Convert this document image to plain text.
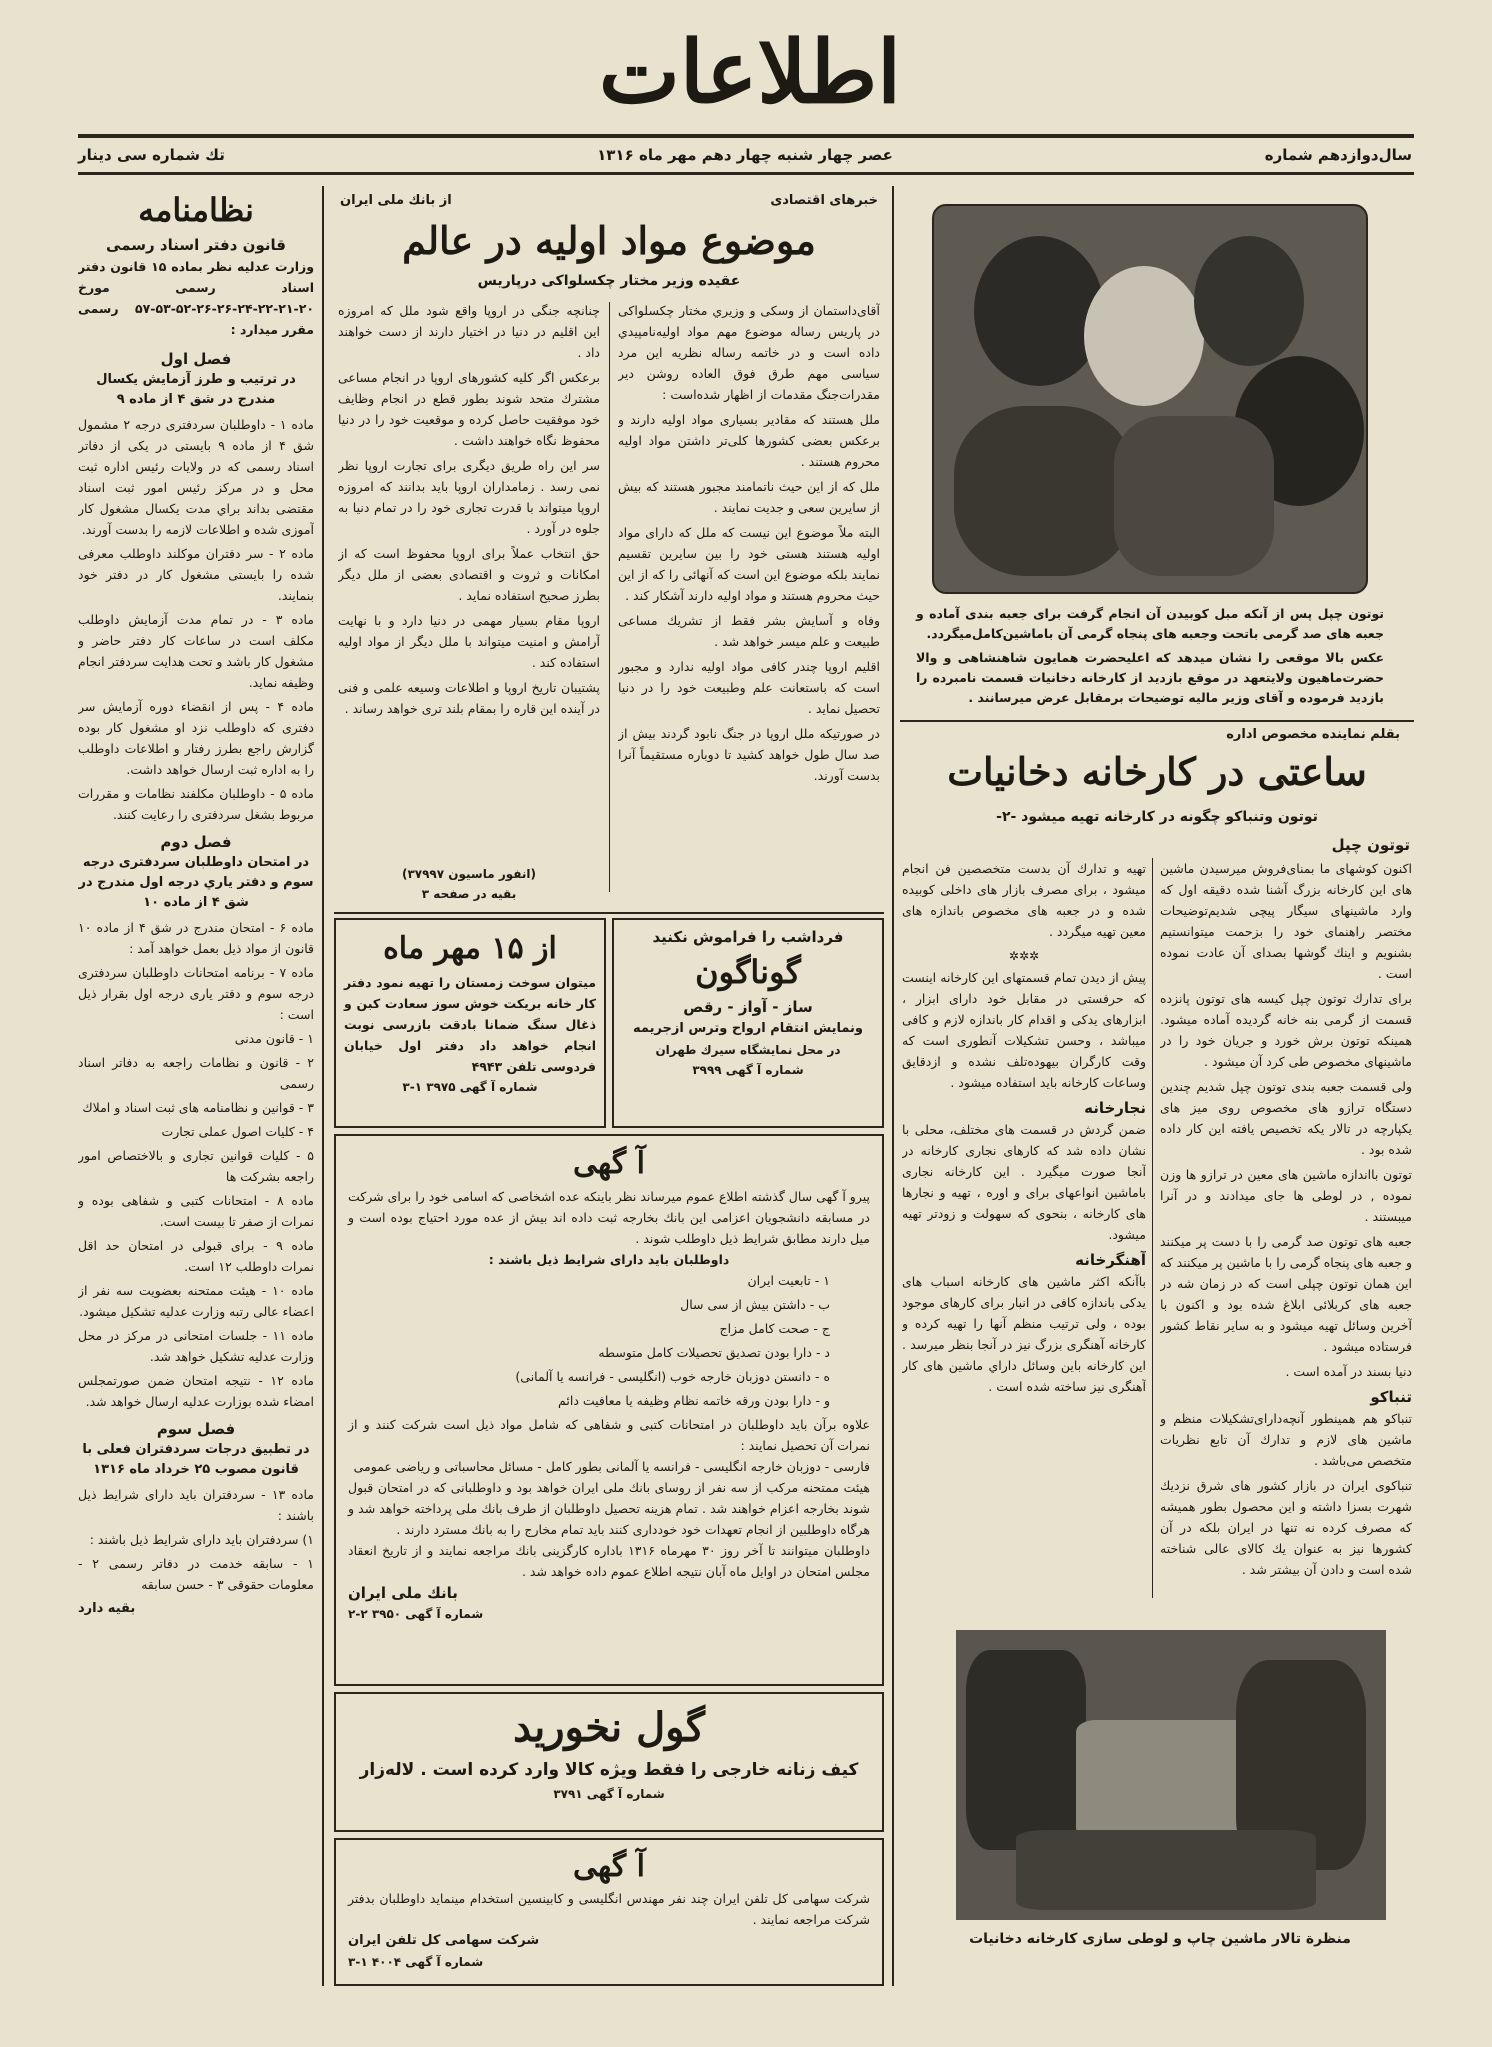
اطلاعات
سال‌دوازدهم شماره
عصر چهار شنبه چهار دهم مهر ماه ۱۳۱۶
تك شماره سی دينار
نظامنامه
قانون دفتر اسناد رسمی
وزارت عدليه نظر بماده ۱۵ قانون دفتر اسناد رسمی مورخ ۲۰-۲۱-۲۲-۲۴-۲۶-۲۶-۵۲-۵۳-۵۷ رسمی مقرر ميدارد :
فصل اول
در ترتيب و طرز آزمايش يكسال مندرج در شق ۴ از ماده ۹

ماده ۱ - داوطلبان سردفتری درجه ۲ مشمول شق ۴ از ماده ۹ بايستی در يكی از دفاتر اسناد رسمی كه در ولايات رئيس اداره ثبت محل و در مركز رئيس امور ثبت اسناد مقتضی بداند براي مدت يكسال مشغول كار آموزی شده و اطلاعات لازمه را بدست آورند.

ماده ۲ - سر دفتران موكلند داوطلب معرفی شده را بايستی مشغول كار در دفتر خود بنمايند.

ماده ۳ - در تمام مدت آزمايش داوطلب مكلف است در ساعات كار دفتر حاضر و مشغول كار باشد و تحت هدايت سردفتر انجام وظيفه نمايد.

ماده ۴ - پس از انقضاء دوره آزمايش سر دفتری كه داوطلب نزد او مشغول كار بوده گزارش راجع بطرز رفتار و اطلاعات داوطلب را به اداره ثبت ارسال خواهد داشت.

ماده ۵ - داوطلبان مكلفند نظامات و مقررات مربوط بشغل سردفتری را رعايت كنند.

فصل دوم
در امتحان داوطلبان سردفتری درجه سوم و دفتر ياري درجه اول مندرج در شق ۴ از ماده ۱۰

ماده ۶ - امتحان مندرج در شق ۴ از ماده ۱۰ قانون از مواد ذيل بعمل خواهد آمد :

ماده ۷ - برنامه امتحانات داوطلبان سردفتری درجه سوم و دفتر ياری درجه اول بقرار ذيل است :

۱ - قانون مدنی

۲ - قانون و نظامات راجعه به دفاتر اسناد رسمی

۳ - قوانين و نظامنامه های ثبت اسناد و املاك

۴ - كليات اصول عملی تجارت

۵ - كليات قوانين تجاری و بالاختصاص امور راجعه بشركت ها

ماده ۸ - امتحانات كتبی و شفاهی بوده و نمرات از صفر تا بيست است.

ماده ۹ - برای قبولی در امتحان حد اقل نمرات داوطلب ۱۲ است.

ماده ۱۰ - هيئت ممتحنه بعضويت سه نفر از اعضاء عالی رتبه وزارت عدليه تشكيل ميشود.

ماده ۱۱ - جلسات امتحانی در مركز در محل وزارت عدليه تشكيل خواهد شد.

ماده ۱۲ - نتيجه امتحان ضمن صورتمجلس امضاء شده بوزارت عدليه ارسال خواهد شد.

فصل سوم
در تطبيق درجات سردفتران فعلی با قانون مصوب ۲۵ خرداد ماه ۱۳۱۶

ماده ۱۳ - سردفتران بايد دارای شرايط ذيل باشند :

۱) سردفتران بايد دارای شرايط ذيل باشند :

۱ - سابقه خدمت در دفاتر رسمی ۲ - معلومات حقوقی ۳ - حسن سابقه

بقيه دارد
خبرهای اقتصادی
از بانك ملی ايران
موضوع مواد اوليه در عالم
عقيده وزير مختار چكسلواكی درپاريس

آقای‌داستمان از وسكی و وزيري مختار چكسلواكی در پاريس رساله موضوع مهم مواد اوليه‌نامپيدي داده است و در خاتمه رساله نظريه اين مرد سياسی مهم طرق فوق العاده روشن دير مقدرات‌جنگ مقدمات از اظهار شده‌است :

ملل هستند كه مقادير بسياری مواد اوليه دارند و برعكس بعضی كشورها كلی‌تر داشتن مواد اوليه محروم هستند .

ملل كه از اين حيث ناتمامند مجبور هستند كه بيش از سايرين سعی و جديت نمايند .

البته ملاً موضوع اين نيست كه ملل كه دارای مواد اوليه هستند هستی خود را بين سايرين تقسيم نمايند بلكه موضوع اين است كه آنهائی را كه از اين حيث محروم هستند و مواد اوليه دارند آشكار كند .

وفاه و آسايش بشر فقط از تشريك مساعی طبيعت و علم ميسر خواهد شد .

اقليم اروپا چندر كافی مواد اوليه ندارد و مجبور است كه باستعانت علم وطبيعت خود را در دنيا تحصيل نمايد .

در صورتيكه ملل اروپا در جنگ نابود گردند بيش از صد سال طول خواهد كشيد تا دوباره مستقيماً آنرا بدست آورند.

چنانچه جنگی در اروپا واقع شود ملل كه امروزه اين اقليم در دنيا در اختيار دارند از دست خواهند داد .

برعكس اگر كليه كشورهای اروپا در انجام مساعی مشترك متحد شوند بطور قطع در انجام وظايف خود موفقيت حاصل كرده و موقعيت خود را در دنيا محفوظ نگاه خواهند داشت .

سر اين راه طريق ديگری برای تجارت اروپا نظر نمی رسد . زمامداران اروپا بايد بدانند كه امروزه اروپا ميتواند با قدرت تجاری خود را در تمام دنيا به جلوه در آورد .

حق انتخاب عملاً برای اروپا محفوظ است كه از امكانات و ثروت و اقتصادی بعضی از ملل ديگر بطرز صحيح استفاده نمايد .

اروپا مقام بسيار مهمی در دنيا دارد و با نهايت آرامش و امنيت ميتواند با ملل ديگر از مواد اوليه استفاده كند .

پشتيبان تاريخ اروپا و اطلاعات وسيعه علمی و فنی در آينده اين قاره را بمقام بلند تری خواهد رساند .

(انفور ماسيون ۳۷۹۹۷)
بقيه در صفحه ۳
از ۱۵ مهر ماه
ميتوان سوخت زمستان را تهيه نمود دفتر كار خانه بريكت خوش سوز سعادت كبن و ذغال سنگ ضمانا بادقت بازرسی نوبت انجام خواهد داد دفتر اول خيابان فردوسی تلفن ۴۹۴۳
شماره آ گهی ۳۹۷۵ ۱-۳
فردا‌شب را فراموش نكنيد
گوناگون
ساز - آواز - رقص
ونمايش انتقام ارواح وترس ازجريمه
در محل نمايشگاه سيرك طهران
شماره آ گهی ۳۹۹۹
آ گهی
پيرو آ گهی سال گذشته اطلاع عموم ميرساند نظر باينكه عده اشخاصی كه اسامی خود را برای شركت در مسابقه دانشجويان اعزامی اين بانك بخارجه ثبت داده اند بيش از عده مورد احتياج بوده است و ميل دارند مطابق شرايط ذيل داوطلب شوند .
داوطلبان بايد دارای شرايط ذيل باشند :

۱ - تابعيت ايران

ب - داشتن بيش از سی سال

ج - صحت كامل مزاج

د - دارا بودن تصديق تحصيلات كامل متوسطه

ه - دانستن دوزبان خارجه خوب (انگليسی - فرانسه يا آلمانی)

و - دارا بودن ورقه خاتمه نظام وظيفه يا معافيت دائم

علاوه برآن بايد داوطلبان در امتحانات كتبی و شفاهی كه شامل مواد ذيل است شركت كنند و از نمرات آن تحصيل نمايند :
فارسی - دوزبان خارجه انگليسی - فرانسه يا آلمانی بطور كامل - مسائل محاسباتی و رياضی عمومی
هيئت ممتحنه مركب از سه نفر از روسای بانك ملی ايران خواهد بود و داوطلبانی كه در امتحان قبول شوند بخارجه اعزام خواهند شد . تمام هزينه تحصيل داوطلبان از طرف بانك ملی پرداخته خواهد شد و هرگاه داوطلبين از انجام تعهدات خود خودداری كنند بايد تمام مخارج را به بانك مسترد دارند .
داوطلبان ميتوانند تا آخر روز ۳۰ مهرماه ۱۳۱۶ باداره كارگزينی بانك مراجعه نمايند و از تاريخ انعقاد مجلس امتحان در اوايل ماه آبان نتيجه اطلاع عموم داده خواهد شد .
بانك ملی ايران
شماره آ گهی ۳۹۵۰ ۲-۲
گول نخوريد
كيف زنانه خارجی را فقط ويژه كالا وارد كرده است . لاله‌زار
شماره آ گهی ۳۷۹۱
آ گهی
شركت سهامی كل تلفن ايران چند نفر مهندس انگليسی و كابينسين استخدام مينمايد داوطلبان بدفتر شركت مراجعه نمايند .
شركت سهامی كل تلفن ايران
شماره آ گهی ۴۰۰۴ ۱-۳
توتون چپل پس از آنكه مبل كوبيدن آن انجام گرفت برای جعبه بندی آماده و جعبه های صد گرمی باتحت وجعبه های پنجاه گرمی آن باماشین‌كامل‌ميگردد.
عكس بالا موقعی را نشان ميدهد كه اعليحضرت همايون شاهنشاهی و والا حضرت‌ماهيون ولايتعهد در موقع بازديد از كارخانه دخانيات قسمت نامبرده را بازديد فرموده و آقای وزير ماليه توضيحات برمقابل عرض ميرسانند .
بقلم نماينده مخصوص اداره
ساعتی در كارخانه دخانيات
توتون وتنباكو چگونه در كارخانه تهيه ميشود -۲-
توتون چپل

اكنون كوشهای ما بمنای‌فروش ميرسيدن ماشين های اين كارخانه بزرگ آشنا شده دقيقه اول كه وارد ماشينهای سيگار پيچی شديم‌توضيحات مختصر راهنمای خود را بزحمت ميتوانستيم بشنويم و اينك گوشها بصدای آن عادت نموده است .

برای تدارك توتون چپل كيسه های توتون پانزده قسمت از گرمی بنه خانه گرديده آماده ميشود. همينكه توتون برش خورد و جريان خود را در ماشينهای مخصوص طی كرد آن ميشود .

ولی قسمت جعبه بندی توتون چپل شديم چندين دستگاه ترازو های مخصوص روی ميز های يكپارچه در تالار يكه تخصيص يافته اين كار داده شده بود .

توتون بااندازه ماشين های معين در ترازو ها وزن نموده , در لوطی ها جای ميدادند و در آنرا ميبستند .

جعبه های توتون صد گرمی را با دست پر ميكنند و جعبه های پنجاه گرمی را با ماشين پر ميكنند كه اين همان توتون چپلی است كه در زمان شه در جعبه های كربلائی ابلاغ شده بود و اكنون با آخرين وسائل تهيه ميشود و به ساير نقاط كشور فرستاده ميشود .

دنيا بسند در آمده است .

تنباكو

تنباكو هم همينطور آنچه‌دارای‌تشكيلات منظم و ماشين های لازم و تدارك آن تابع نظريات متخصص می‌باشد .

تنباكوی ايران در بازار كشور های شرق نزديك شهرت بسزا داشته و اين محصول بطور هميشه كه مصرف كرده نه تنها در ايران بلكه در آن كشورها نيز به عنوان يك كالای عالی شناخته شده است و دادن آن بيشتر شد .

تهيه و تدارك آن بدست متخصصين فن انجام ميشود ، برای مصرف بازار های داخلی كوبيده شده و در جعبه های مخصوص باندازه های معين تهيه ميگردد .

✲✲✲

پيش از ديدن تمام قسمتهای اين كارخانه اينست كه حرفستی در مقابل خود دارای ابزار ، ابزارهای يدكی و اقدام كار باندازه لازم و كافی ميباشد ، وحسن تشكيلات آنطوری است كه وقت كارگران بيهوده‌تلف نشده و ازدقايق وساعات كارخانه بايد استفاده ميشود .

نجارخانه

ضمن گردش در قسمت های مختلف، محلی با نشان داده شد كه كارهای نجاری كارخانه در آنجا صورت ميگيرد . اين كارخانه نجاری باماشين انواعهای برای و اوره ، تهيه و نجارها های كارخانه ، بنحوی كه سهولت و زودتر تهيه ميشود.

آهنگرخانه

باآنكه اكثر ماشين های كارخانه اسباب های يدكی باندازه كافی در انبار برای كارهای موجود بوده ، ولی ترتيب منظم آنها را تهيه كرده و كارخانه آهنگری بزرگ نيز در آنجا بنظر ميرسد . اين كارخانه باين وسائل داراي ماشين های كار آهنگری نيز ساخته شده است .

منظرة تالار ماشين چاپ و لوطی سازی كارخانه دخانيات
